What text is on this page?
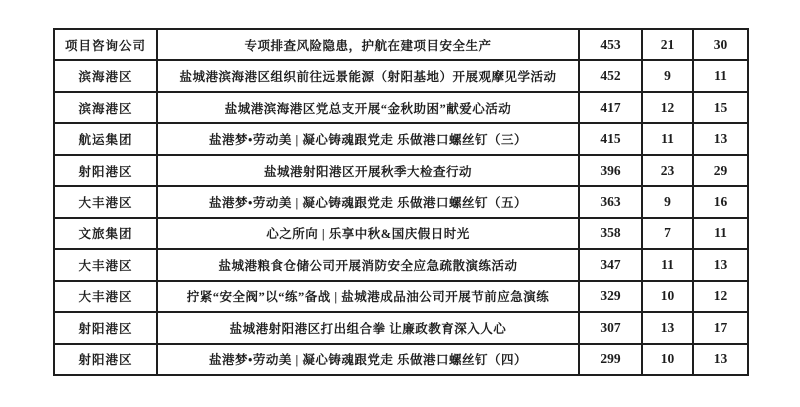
项目咨询公司	专项排查风险隐患，护航在建项目安全生产	453	21	30
滨海港区	盐城港滨海港区组织前往远景能源（射阳基地）开展观摩见学活动	452	9	11
滨海港区	盐城港滨海港区党总支开展“金秋助困”献爱心活动	417	12	15
航运集团	盐港梦•劳动美 | 凝心铸魂跟党走 乐做港口螺丝钉（三）	415	11	13
射阳港区	盐城港射阳港区开展秋季大检查行动	396	23	29
大丰港区	盐港梦•劳动美 | 凝心铸魂跟党走 乐做港口螺丝钉（五）	363	9	16
文旅集团	心之所向 | 乐享中秋&国庆假日时光	358	7	11
大丰港区	盐城港粮食仓储公司开展消防安全应急疏散演练活动	347	11	13
大丰港区	拧紧“安全阀”以“练”备战 | 盐城港成品油公司开展节前应急演练	329	10	12
射阳港区	盐城港射阳港区打出组合拳 让廉政教育深入人心	307	13	17
射阳港区	盐港梦•劳动美 | 凝心铸魂跟党走 乐做港口螺丝钉（四）	299	10	13
